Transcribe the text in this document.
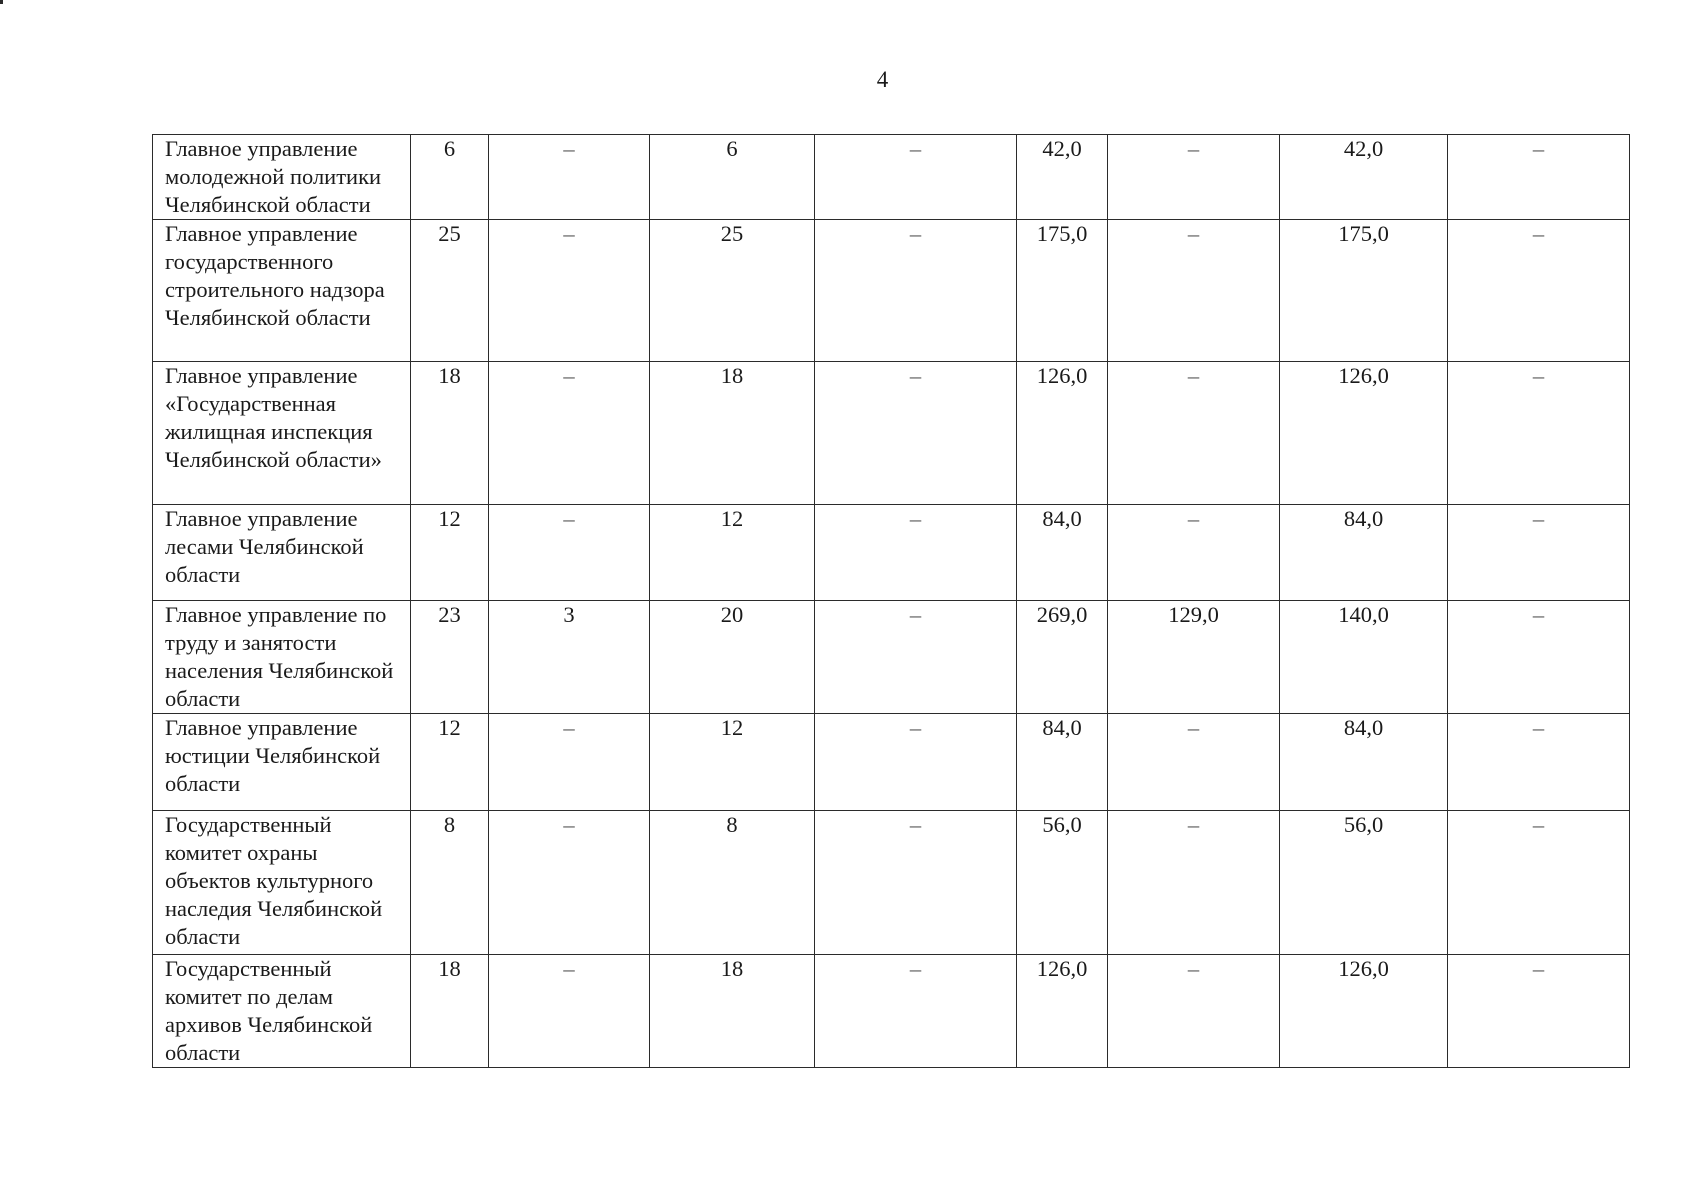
4
Главное управление молодежной политики Челябинской области	6	–	6	–	42,0	–	42,0	–
Главное управление государственного строительного надзора Челябинской области	25	–	25	–	175,0	–	175,0	–
Главное управление «Государственная жилищная инспекция Челябинской области»	18	–	18	–	126,0	–	126,0	–
Главное управление лесами Челябинской области	12	–	12	–	84,0	–	84,0	–
Главное управление по труду и занятости населения Челябинской области	23	3	20	–	269,0	129,0	140,0	–
Главное управление юстиции Челябинской области	12	–	12	–	84,0	–	84,0	–
Государственный комитет охраны объектов культурного наследия Челябинской области	8	–	8	–	56,0	–	56,0	–
Государственный комитет по делам архивов Челябинской области	18	–	18	–	126,0	–	126,0	–
